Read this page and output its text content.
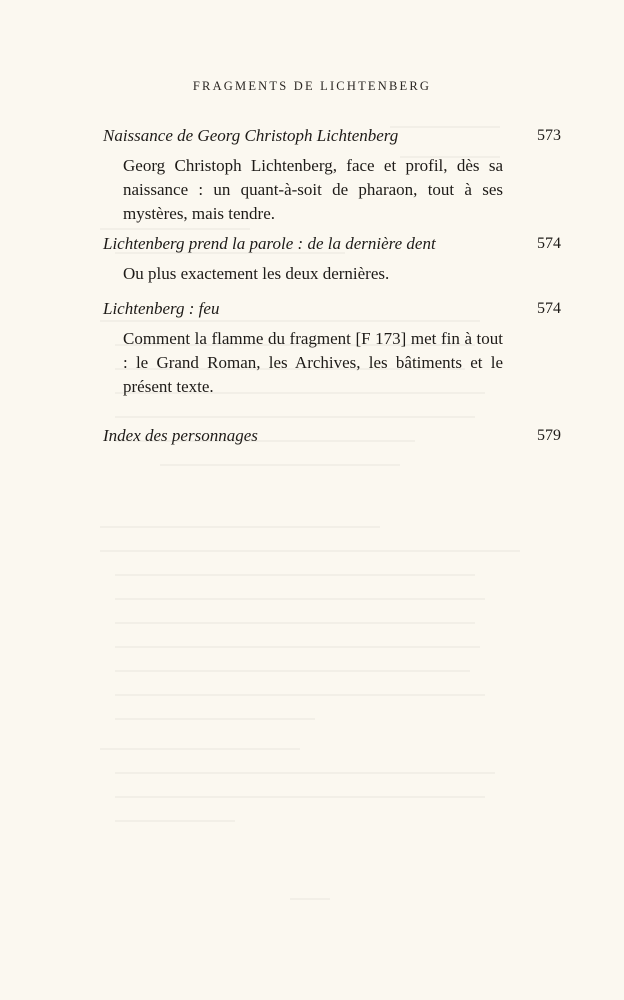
FRAGMENTS DE LICHTENBERG
Naissance de Georg Christoph Lichtenberg	573
Georg Christoph Lichtenberg, face et profil, dès sa naissance : un quant-à-soit de pharaon, tout à ses mystères, mais tendre.
Lichtenberg prend la parole : de la dernière dent	574
Ou plus exactement les deux dernières.
Lichtenberg : feu	574
Comment la flamme du fragment [F 173] met fin à tout : le Grand Roman, les Archives, les bâtiments et le présent texte.
Index des personnages	579
